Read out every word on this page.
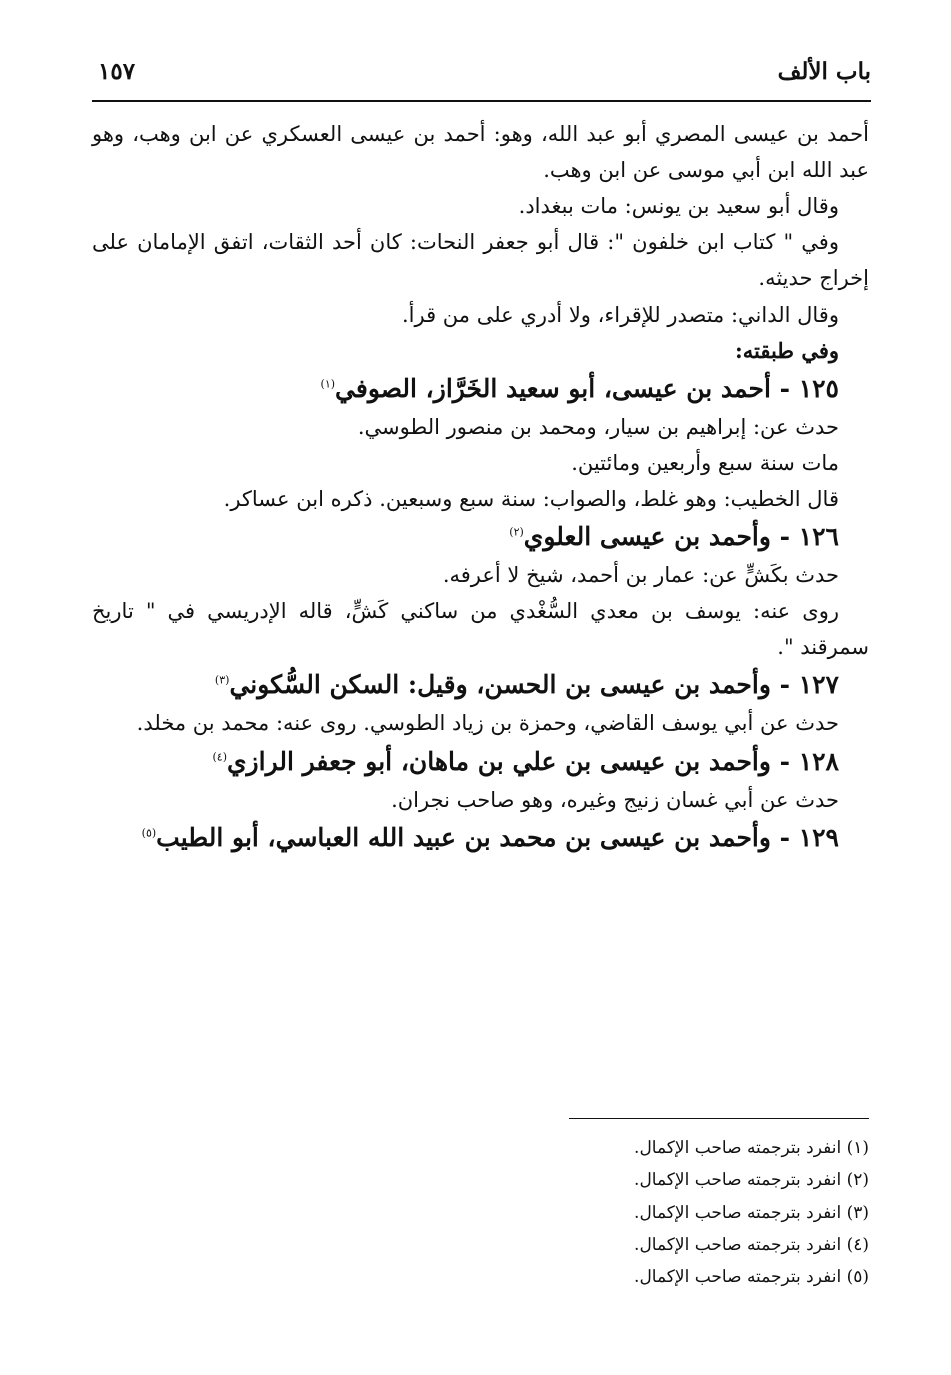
باب الألف
١٥٧

أحمد بن عيسى المصري أبو عبد الله، وهو: أحمد بن عيسى العسكري عن ابن وهب، وهو عبد الله ابن أبي موسى عن ابن وهب.

وقال أبو سعيد بن يونس: مات ببغداد.

وفي " كتاب ابن خلفون ": قال أبو جعفر النحات: كان أحد الثقات، اتفق الإمامان على إخراج حديثه.

وقال الداني: متصدر للإقراء، ولا أدري على من قرأ.

وفي طبقته:

١٢٥ - أحمد بن عيسى، أبو سعيد الخَرَّاز، الصوفي$^{(١)}$

حدث عن: إبراهيم بن سيار، ومحمد بن منصور الطوسي.

مات سنة سبع وأربعين ومائتين.

قال الخطيب: وهو غلط، والصواب: سنة سبع وسبعين. ذكره ابن عساكر.

١٢٦ - وأحمد بن عيسى العلوي$^{(٢)}$

حدث بكَشٍّ عن: عمار بن أحمد، شيخ لا أعرفه.

روى عنه: يوسف بن معدي السُّغْدي من ساكني كَشٍّ، قاله الإدريسي في " تاريخ سمرقند ".

١٢٧ - وأحمد بن عيسى بن الحسن، وقيل: السكن السُّكوني$^{(٣)}$

حدث عن أبي يوسف القاضي، وحمزة بن زياد الطوسي. روى عنه: محمد بن مخلد.

١٢٨ - وأحمد بن عيسى بن علي بن ماهان، أبو جعفر الرازي$^{(٤)}$

حدث عن أبي غسان زنيج وغيره، وهو صاحب نجران.

١٢٩ - وأحمد بن عيسى بن محمد بن عبيد الله العباسي، أبو الطيب$^{(٥)}$

(١) انفرد بترجمته صاحب الإكمال.
(٢) انفرد بترجمته صاحب الإكمال.
(٣) انفرد بترجمته صاحب الإكمال.
(٤) انفرد بترجمته صاحب الإكمال.
(٥) انفرد بترجمته صاحب الإكمال.
